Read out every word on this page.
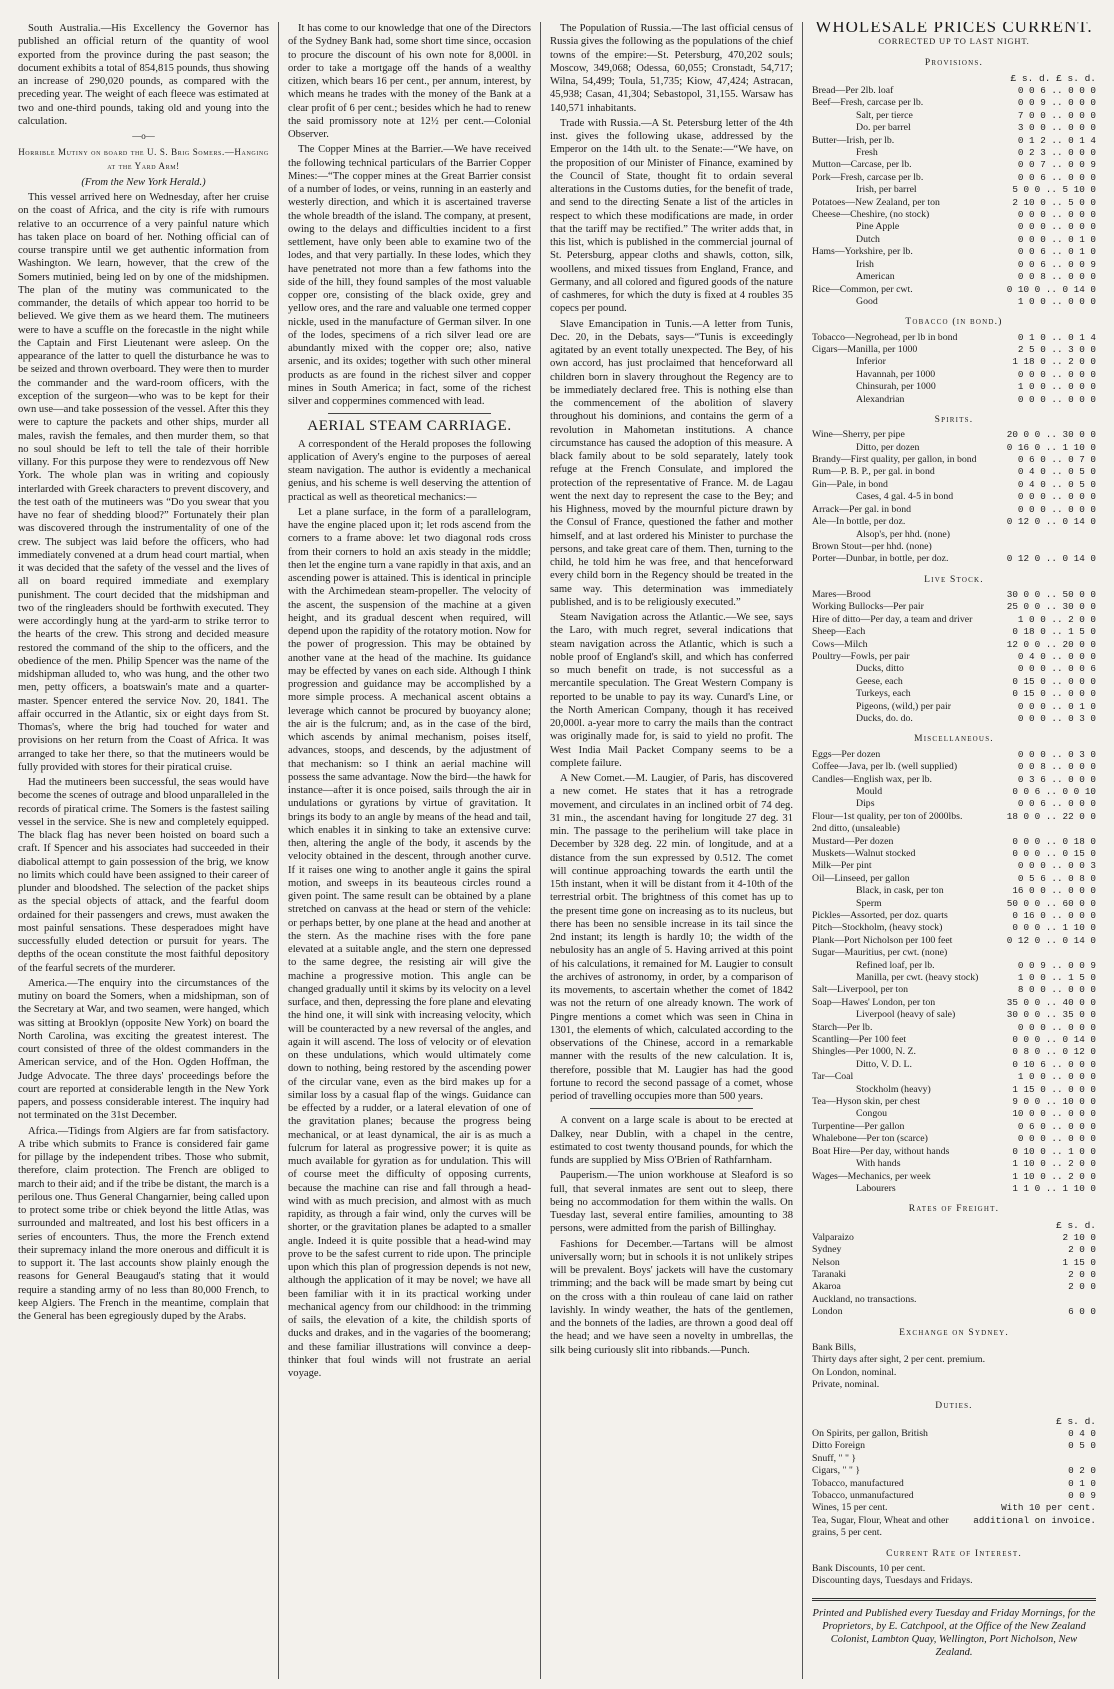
South Australia.—His Excellency the Governor has published an official return of the quantity of wool exported from the province during the past season; the document exhibits a total of 854,815 pounds, thus showing an increase of 290,020 pounds, as compared with the preceding year. The weight of each fleece was estimated at two and one-third pounds, taking old and young into the calculation.

—o—

Horrible Mutiny on board the U. S. Brig Somers.—Hanging at the Yard Arm!

(From the New York Herald.)

This vessel arrived here on Wednesday, after her cruise on the coast of Africa, and the city is rife with rumours relative to an occurrence of a very painful nature which has taken place on board of her. Nothing official can of course transpire until we get authentic information from Washington. We learn, however, that the crew of the Somers mutinied, being led on by one of the midshipmen. The plan of the mutiny was communicated to the commander, the details of which appear too horrid to be believed. We give them as we heard them. The mutineers were to have a scuffle on the forecastle in the night while the Captain and First Lieutenant were asleep. On the appearance of the latter to quell the disturbance he was to be seized and thrown overboard. They were then to murder the commander and the ward-room officers, with the exception of the surgeon—who was to be kept for their own use—and take possession of the vessel. After this they were to capture the packets and other ships, murder all males, ravish the females, and then murder them, so that no soul should be left to tell the tale of their horrible villany. For this purpose they were to rendezvous off New York. The whole plan was in writing and copiously interlarded with Greek characters to prevent discovery, and the test oath of the mutineers was “Do you swear that you have no fear of shedding blood?” Fortunately their plan was discovered through the instrumentality of one of the crew. The subject was laid before the officers, who had immediately convened at a drum head court martial, when it was decided that the safety of the vessel and the lives of all on board required immediate and exemplary punishment. The court decided that the midshipman and two of the ringleaders should be forthwith executed. They were accordingly hung at the yard-arm to strike terror to the hearts of the crew. This strong and decided measure restored the command of the ship to the officers, and the obedience of the men. Philip Spencer was the name of the midshipman alluded to, who was hung, and the other two men, petty officers, a boatswain's mate and a quarter-master. Spencer entered the service Nov. 20, 1841. The affair occurred in the Atlantic, six or eight days from St. Thomas's, where the brig had touched for water and provisions on her return from the Coast of Africa. It was arranged to take her there, so that the mutineers would be fully provided with stores for their piratical cruise.

Had the mutineers been successful, the seas would have become the scenes of outrage and blood unparalleled in the records of piratical crime. The Somers is the fastest sailing vessel in the service. She is new and completely equipped. The black flag has never been hoisted on board such a craft. If Spencer and his associates had succeeded in their diabolical attempt to gain possession of the brig, we know no limits which could have been assigned to their career of plunder and bloodshed. The selection of the packet ships as the special objects of attack, and the fearful doom ordained for their passengers and crews, must awaken the most painful sensations. These desperadoes might have successfully eluded detection or pursuit for years. The depths of the ocean constitute the most faithful depository of the fearful secrets of the murderer.

America.—The enquiry into the circumstances of the mutiny on board the Somers, when a midshipman, son of the Secretary at War, and two seamen, were hanged, which was sitting at Brooklyn (opposite New York) on board the North Carolina, was exciting the greatest interest. The court consisted of three of the oldest commanders in the American service, and of the Hon. Ogden Hoffman, the Judge Advocate. The three days' proceedings before the court are reported at considerable length in the New York papers, and possess considerable interest. The inquiry had not terminated on the 31st December.

Africa.—Tidings from Algiers are far from satisfactory. A tribe which submits to France is considered fair game for pillage by the independent tribes. Those who submit, therefore, claim protection. The French are obliged to march to their aid; and if the tribe be distant, the march is a perilous one. Thus General Changarnier, being called upon to protect some tribe or chiek beyond the little Atlas, was surrounded and maltreated, and lost his best officers in a series of encounters. Thus, the more the French extend their supremacy inland the more onerous and difficult it is to support it. The last accounts show plainly enough the reasons for General Beaugaud's stating that it would require a standing army of no less than 80,000 French, to keep Algiers. The French in the meantime, complain that the General has been egregiously duped by the Arabs.

It has come to our knowledge that one of the Directors of the Sydney Bank had, some short time since, occasion to procure the discount of his own note for 8,000l. in order to take a mortgage off the hands of a wealthy citizen, which bears 16 per cent., per annum, interest, by which means he trades with the money of the Bank at a clear profit of 6 per cent.; besides which he had to renew the said promissory note at 12½ per cent.—Colonial Observer.

The Copper Mines at the Barrier.—We have received the following technical particulars of the Barrier Copper Mines:—“The copper mines at the Great Barrier consist of a number of lodes, or veins, running in an easterly and westerly direction, and which it is ascertained traverse the whole breadth of the island. The company, at present, owing to the delays and difficulties incident to a first settlement, have only been able to examine two of the lodes, and that very partially. In these lodes, which they have penetrated not more than a few fathoms into the side of the hill, they found samples of the most valuable copper ore, consisting of the black oxide, grey and yellow ores, and the rare and valuable one termed copper nickle, used in the manufacture of German silver. In one of the lodes, specimens of a rich silver lead ore are abundantly mixed with the copper ore; also, native arsenic, and its oxides; together with such other mineral products as are found in the richest silver and copper mines in South America; in fact, some of the richest silver and coppermines commenced with lead.

AERIAL STEAM CARRIAGE.

A correspondent of the Herald proposes the following application of Avery's engine to the purposes of aereal steam navigation. The author is evidently a mechanical genius, and his scheme is well deserving the attention of practical as well as theoretical mechanics:—

Let a plane surface, in the form of a parallelogram, have the engine placed upon it; let rods ascend from the corners to a frame above: let two diagonal rods cross from their corners to hold an axis steady in the middle; then let the engine turn a vane rapidly in that axis, and an ascending power is attained. This is identical in principle with the Archimedean steam-propeller. The velocity of the ascent, the suspension of the machine at a given height, and its gradual descent when required, will depend upon the rapidity of the rotatory motion. Now for the power of progression. This may be obtained by another vane at the head of the machine. Its guidance may be effected by vanes on each side. Although I think progression and guidance may be accomplished by a more simple process. A mechanical ascent obtains a leverage which cannot be procured by buoyancy alone; the air is the fulcrum; and, as in the case of the bird, which ascends by animal mechanism, poises itself, advances, stoops, and descends, by the adjustment of that mechanism: so I think an aerial machine will possess the same advantage. Now the bird—the hawk for instance—after it is once poised, sails through the air in undulations or gyrations by virtue of gravitation. It brings its body to an angle by means of the head and tail, which enables it in sinking to take an extensive curve: then, altering the angle of the body, it ascends by the velocity obtained in the descent, through another curve. If it raises one wing to another angle it gains the spiral motion, and sweeps in its beauteous circles round a given point. The same result can be obtained by a plane stretched on canvass at the head or stern of the vehicle: or perhaps better, by one plane at the head and another at the stern. As the machine rises with the fore pane elevated at a suitable angle, and the stern one depressed to the same degree, the resisting air will give the machine a progressive motion. This angle can be changed gradually until it skims by its velocity on a level surface, and then, depressing the fore plane and elevating the hind one, it will sink with increasing velocity, which will be counteracted by a new reversal of the angles, and again it will ascend. The loss of velocity or of elevation on these undulations, which would ultimately come down to nothing, being restored by the ascending power of the circular vane, even as the bird makes up for a similar loss by a casual flap of the wings. Guidance can be effected by a rudder, or a lateral elevation of one of the gravitation planes; because the progress being mechanical, or at least dynamical, the air is as much a fulcrum for lateral as progressive power; it is quite as much available for gyration as for undulation. This will of course meet the difficulty of opposing currents, because the machine can rise and fall through a head-wind with as much precision, and almost with as much rapidity, as through a fair wind, only the curves will be shorter, or the gravitation planes be adapted to a smaller angle. Indeed it is quite possible that a head-wind may prove to be the safest current to ride upon. The principle upon which this plan of progression depends is not new, although the application of it may be novel; we have all been familiar with it in its practical working under mechanical agency from our childhood: in the trimming of sails, the elevation of a kite, the childish sports of ducks and drakes, and in the vagaries of the boomerang; and these familiar illustrations will convince a deep-thinker that foul winds will not frustrate an aerial voyage.

The Population of Russia.—The last official census of Russia gives the following as the populations of the chief towns of the empire:—St. Petersburg, 470,202 souls; Moscow, 349,068; Odessa, 60,055; Cronstadt, 54,717; Wilna, 54,499; Toula, 51,735; Kiow, 47,424; Astracan, 45,938; Casan, 41,304; Sebastopol, 31,155. Warsaw has 140,571 inhabitants.

Trade with Russia.—A St. Petersburg letter of the 4th inst. gives the following ukase, addressed by the Emperor on the 14th ult. to the Senate:—“We have, on the proposition of our Minister of Finance, examined by the Council of State, thought fit to ordain several alterations in the Customs duties, for the benefit of trade, and send to the directing Senate a list of the articles in respect to which these modifications are made, in order that the tariff may be rectified.” The writer adds that, in this list, which is published in the commercial journal of St. Petersburg, appear cloths and shawls, cotton, silk, woollens, and mixed tissues from England, France, and Germany, and all colored and figured goods of the nature of cashmeres, for which the duty is fixed at 4 roubles 35 copecs per pound.

Slave Emancipation in Tunis.—A letter from Tunis, Dec. 20, in the Debats, says—“Tunis is exceedingly agitated by an event totally unexpected. The Bey, of his own accord, has just proclaimed that henceforward all children born in slavery throughout the Regency are to be immediately declared free. This is nothing else than the commencement of the abolition of slavery throughout his dominions, and contains the germ of a revolution in Mahometan institutions. A chance circumstance has caused the adoption of this measure. A black family about to be sold separately, lately took refuge at the French Consulate, and implored the protection of the representative of France. M. de Lagau went the next day to represent the case to the Bey; and his Highness, moved by the mournful picture drawn by the Consul of France, questioned the father and mother himself, and at last ordered his Minister to purchase the persons, and take great care of them. Then, turning to the child, he told him he was free, and that henceforward every child born in the Regency should be treated in the same way. This determination was immediately published, and is to be religiously executed.”

Steam Navigation across the Atlantic.—We see, says the Laro, with much regret, several indications that steam navigation across the Atlantic, which is such a noble proof of England's skill, and which has conferred so much benefit on trade, is not successful as a mercantile speculation. The Great Western Company is reported to be unable to pay its way. Cunard's Line, or the North American Company, though it has received 20,000l. a-year more to carry the mails than the contract was originally made for, is said to yield no profit. The West India Mail Packet Company seems to be a complete failure.

A New Comet.—M. Laugier, of Paris, has discovered a new comet. He states that it has a retrograde movement, and circulates in an inclined orbit of 74 deg. 31 min., the ascendant having for longitude 27 deg. 31 min. The passage to the perihelium will take place in December by 328 deg. 22 min. of longitude, and at a distance from the sun expressed by 0.512. The comet will continue approaching towards the earth until the 15th instant, when it will be distant from it 4-10th of the terrestrial orbit. The brightness of this comet has up to the present time gone on increasing as to its nucleus, but there has been no sensible increase in its tail since the 2nd instant; its length is hardly 10; the width of the nebulosity has an angle of 5. Having arrived at this point of his calculations, it remained for M. Laugier to consult the archives of astronomy, in order, by a comparison of its movements, to ascertain whether the comet of 1842 was not the return of one already known. The work of Pingre mentions a comet which was seen in China in 1301, the elements of which, calculated according to the observations of the Chinese, accord in a remarkable manner with the results of the new calculation. It is, therefore, possible that M. Laugier has had the good fortune to record the second passage of a comet, whose period of travelling occupies more than 500 years.

A convent on a large scale is about to be erected at Dalkey, near Dublin, with a chapel in the centre, estimated to cost twenty thousand pounds, for which the funds are supplied by Miss O'Brien of Rathfarnham.

Pauperism.—The union workhouse at Sleaford is so full, that several inmates are sent out to sleep, there being no accommodation for them within the walls. On Tuesday last, several entire families, amounting to 38 persons, were admitted from the parish of Billinghay.

Fashions for December.—Tartans will be almost universally worn; but in schools it is not unlikely stripes will be prevalent. Boys' jackets will have the customary trimming; and the back will be made smart by being cut on the cross with a thin rouleau of cane laid on rather lavishly. In windy weather, the hats of the gentlemen, and the bonnets of the ladies, are thrown a good deal off the head; and we have seen a novelty in umbrellas, the silk being curiously slit into ribbands.—Punch.

WHOLESALE PRICES CURRENT.
CORRECTED UP TO LAST NIGHT.
Provisions.
£ s. d. £ s. d.
Bread—Per 2lb. loaf	0 0 6 .. 0 0 0
Beef—Fresh, carcase per lb.	0 0 9 .. 0 0 0
Salt, per tierce	7 0 0 .. 0 0 0
Do. per barrel	3 0 0 .. 0 0 0
Butter—Irish, per lb.	0 1 2 .. 0 1 4
Fresh	0 2 3 .. 0 0 0
Mutton—Carcase, per lb.	0 0 7 .. 0 0 9
Pork—Fresh, carcase per lb.	0 0 6 .. 0 0 0
Irish, per barrel	5 0 0 .. 5 10 0
Potatoes—New Zealand, per ton	2 10 0 .. 5 0 0
Cheese—Cheshire, (no stock)	0 0 0 .. 0 0 0
Pine Apple	0 0 0 .. 0 0 0
Dutch	0 0 0 .. 0 1 0
Hams—Yorkshire, per lb.	0 0 6 .. 0 1 0
Irish	0 0 6 .. 0 0 9
American	0 0 8 .. 0 0 0
Rice—Common, per cwt.	0 10 0 .. 0 14 0
Good	1 0 0 .. 0 0 0
Tobacco (in bond.)
Tobacco—Negrohead, per lb in bond	0 1 0 .. 0 1 4
Cigars—Manilla, per 1000	2 5 0 .. 3 0 0
Inferior	1 18 0 .. 2 0 0
Havannah, per 1000	0 0 0 .. 0 0 0
Chinsurah, per 1000	1 0 0 .. 0 0 0
Alexandrian	0 0 0 .. 0 0 0
Spirits.
Wine—Sherry, per pipe	20 0 0 .. 30 0 0
Ditto, per dozen	0 16 0 .. 1 10 0
Brandy—First quality, per gallon, in bond	0 6 0 .. 0 7 0
Rum—P. B. P., per gal. in bond	0 4 0 .. 0 5 0
Gin—Pale, in bond	0 4 0 .. 0 5 0
Cases, 4 gal. 4-5 in bond	0 0 0 .. 0 0 0
Arrack—Per gal. in bond	0 0 0 .. 0 0 0
Ale—In bottle, per doz.	0 12 0 .. 0 14 0
Alsop's, per hhd. (none)	
Brown Stout—per hhd. (none)	
Porter—Dunbar, in bottle, per doz.	0 12 0 .. 0 14 0
Live Stock.
Mares—Brood	30 0 0 .. 50 0 0
Working Bullocks—Per pair	25 0 0 .. 30 0 0
Hire of ditto—Per day, a team and driver	1 0 0 .. 2 0 0
Sheep—Each	0 18 0 .. 1 5 0
Cows—Milch	12 0 0 .. 20 0 0
Poultry—Fowls, per pair	0 4 0 .. 0 0 0
Ducks, ditto	0 0 0 .. 0 0 6
Geese, each	0 15 0 .. 0 0 0
Turkeys, each	0 15 0 .. 0 0 0
Pigeons, (wild,) per pair	0 0 0 .. 0 1 0
Ducks, do. do.	0 0 0 .. 0 3 0
Miscellaneous.
Eggs—Per dozen	0 0 0 .. 0 3 0
Coffee—Java, per lb. (well supplied)	0 0 8 .. 0 0 0
Candles—English wax, per lb.	0 3 6 .. 0 0 0
Mould	0 0 6 .. 0 0 10
Dips	0 0 6 .. 0 0 0
Flour—1st quality, per ton of 2000lbs.	18 0 0 .. 22 0 0
2nd ditto, (unsaleable)	
Mustard—Per dozen	0 0 0 .. 0 18 0
Muskets—Walnut stocked	0 0 0 .. 0 15 0
Milk—Per pint	0 0 0 .. 0 0 3
Oil—Linseed, per gallon	0 5 6 .. 0 8 0
Black, in cask, per ton	16 0 0 .. 0 0 0
Sperm	50 0 0 .. 60 0 0
Pickles—Assorted, per doz. quarts	0 16 0 .. 0 0 0
Pitch—Stockholm, (heavy stock)	0 0 0 .. 1 10 0
Plank—Port Nicholson per 100 feet	0 12 0 .. 0 14 0
Sugar—Mauritius, per cwt. (none)	
Refined loaf, per lb.	0 0 9 .. 0 0 9
Manilla, per cwt. (heavy stock)	1 0 0 .. 1 5 0
Salt—Liverpool, per ton	8 0 0 .. 0 0 0
Soap—Hawes' London, per ton	35 0 0 .. 40 0 0
Liverpool (heavy of sale)	30 0 0 .. 35 0 0
Starch—Per lb.	0 0 0 .. 0 0 0
Scantling—Per 100 feet	0 0 0 .. 0 14 0
Shingles—Per 1000, N. Z.	0 8 0 .. 0 12 0
Ditto, V. D. L.	0 10 6 .. 0 0 0
Tar—Coal	1 0 0 .. 0 0 0
Stockholm (heavy)	1 15 0 .. 0 0 0
Tea—Hyson skin, per chest	9 0 0 .. 10 0 0
Congou	10 0 0 .. 0 0 0
Turpentine—Per gallon	0 6 0 .. 0 0 0
Whalebone—Per ton (scarce)	0 0 0 .. 0 0 0
Boat Hire—Per day, without hands	0 10 0 .. 1 0 0
With hands	1 10 0 .. 2 0 0
Wages—Mechanics, per week	1 10 0 .. 2 0 0
Labourers	1 1 0 .. 1 10 0
Rates of Freight.
£ s. d.
Valparaizo	2 10 0
Sydney	2 0 0
Nelson	1 15 0
Taranaki	2 0 0
Akaroa	2 0 0
Auckland, no transactions.	
London	6 0 0
Exchange on Sydney.

Bank Bills,

Thirty days after sight, 2 per cent. premium.

On London, nominal.

Private, nominal.

Duties.
£ s. d.
On Spirits, per gallon, British	0 4 0
Ditto Foreign	0 5 0
Snuff, " " }	
Cigars, " " }	0 2 0
Tobacco, manufactured	0 1 0
Tobacco, unmanufactured	0 0 9
Wines, 15 per cent.	With 10 per cent.
Tea, Sugar, Flour, Wheat and other grains, 5 per cent.	additional on invoice.
Current Rate of Interest.

Bank Discounts, 10 per cent.

Discounting days, Tuesdays and Fridays.

Printed and Published every Tuesday and Friday Mornings, for the Proprietors, by E. Catchpool, at the Office of the New Zealand Colonist, Lambton Quay, Wellington, Port Nicholson, New Zealand.
